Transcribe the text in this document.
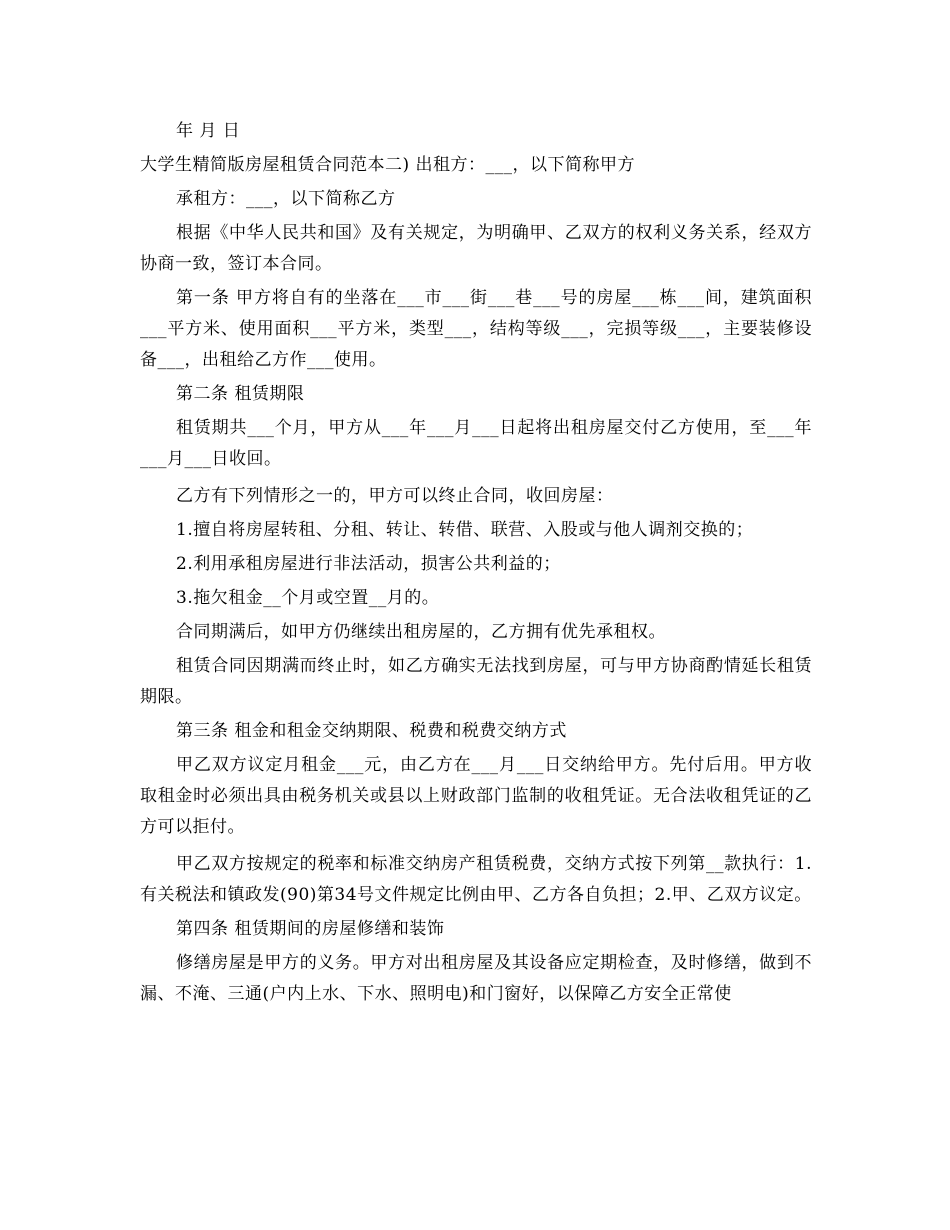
年 月 日

大学生精简版房屋租赁合同范本二) 出租方：___，以下简称甲方

承租方：___，以下简称乙方

根据《中华人民共和国》及有关规定，为明确甲、乙双方的权利义务关系，经双方协商一致，签订本合同。

第一条 甲方将自有的坐落在___市___街___巷___号的房屋___栋___间，建筑面积___平方米、使用面积___平方米，类型___，结构等级___，完损等级___，主要装修设备___，出租给乙方作___使用。

第二条 租赁期限

租赁期共___个月，甲方从___年___月___日起将出租房屋交付乙方使用，至___年___月___日收回。

乙方有下列情形之一的，甲方可以终止合同，收回房屋：

1.擅自将房屋转租、分租、转让、转借、联营、入股或与他人调剂交换的；

2.利用承租房屋进行非法活动，损害公共利益的；

3.拖欠租金__个月或空置__月的。

合同期满后，如甲方仍继续出租房屋的，乙方拥有优先承租权。

租赁合同因期满而终止时，如乙方确实无法找到房屋，可与甲方协商酌情延长租赁期限。

第三条 租金和租金交纳期限、税费和税费交纳方式

甲乙双方议定月租金___元，由乙方在___月___日交纳给甲方。先付后用。甲方收取租金时必须出具由税务机关或县以上财政部门监制的收租凭证。无合法收租凭证的乙方可以拒付。

甲乙双方按规定的税率和标准交纳房产租赁税费，交纳方式按下列第__款执行：1.有关税法和镇政发(90)第34号文件规定比例由甲、乙方各自负担；2.甲、乙双方议定。

第四条 租赁期间的房屋修缮和装饰

修缮房屋是甲方的义务。甲方对出租房屋及其设备应定期检查，及时修缮，做到不漏、不淹、三通(户内上水、下水、照明电)和门窗好，以保障乙方安全正常使
